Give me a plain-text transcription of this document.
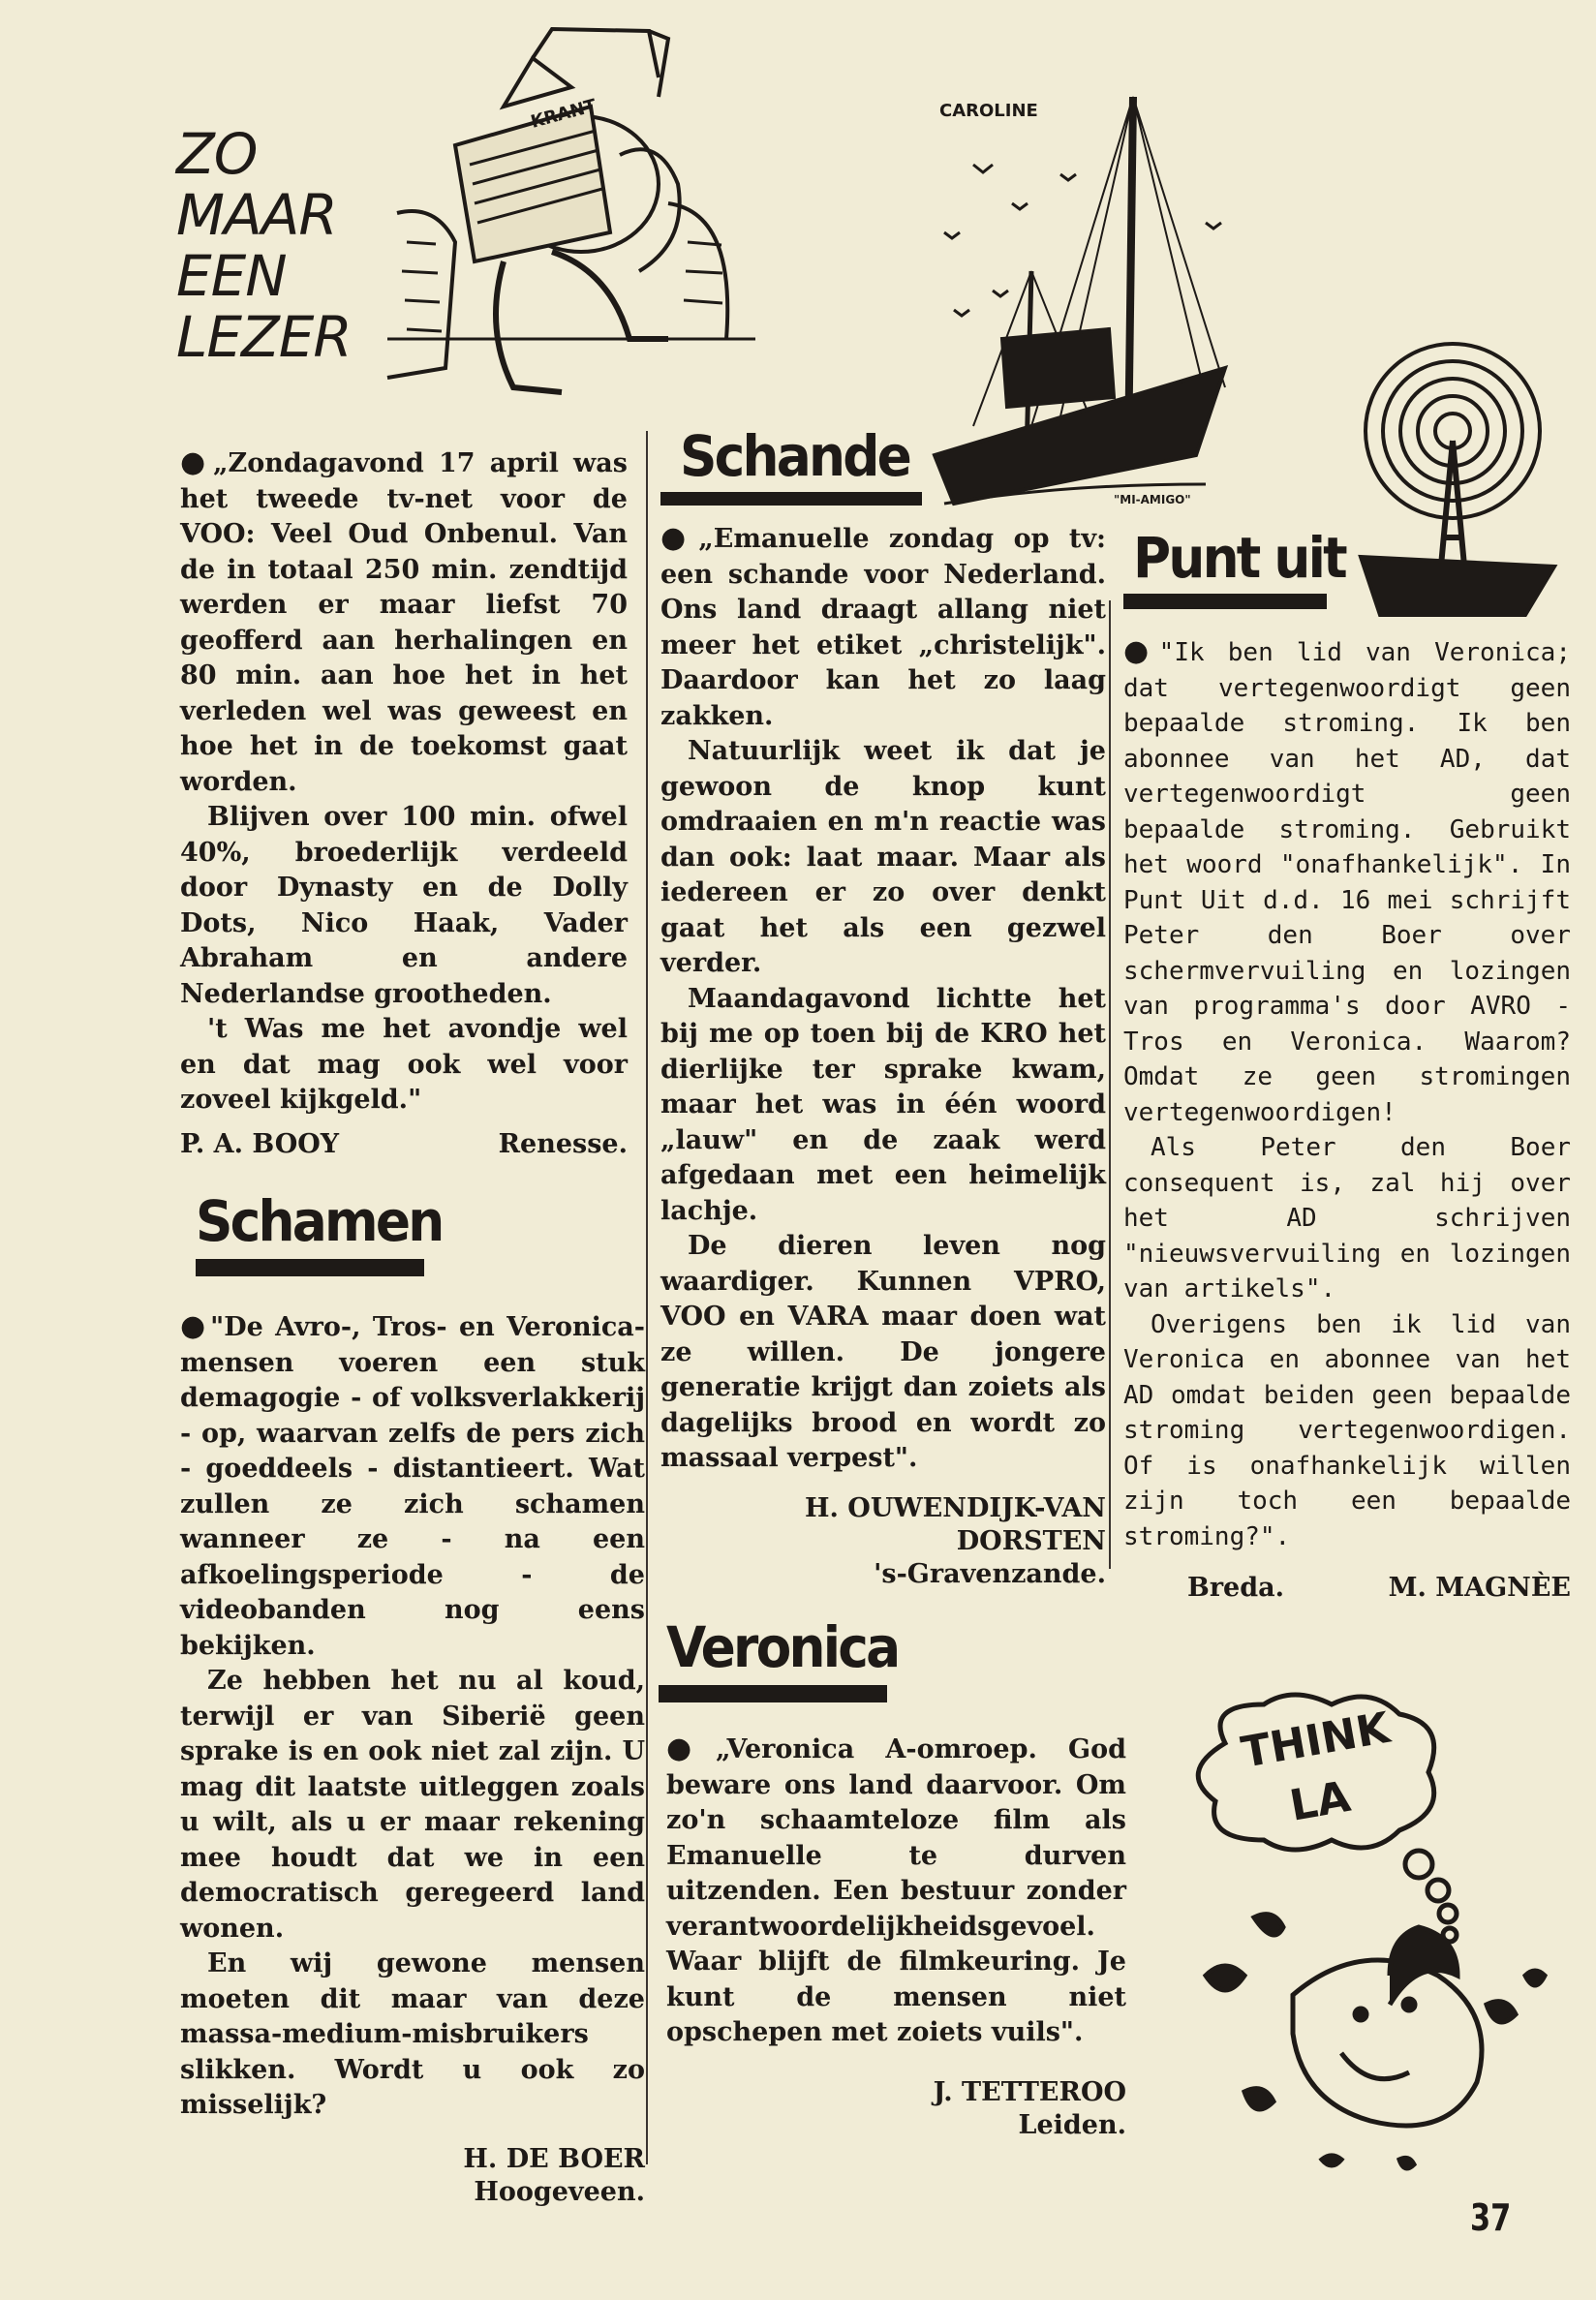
ZO
MAAR
EEN
LEZER
KRANT	CAROLINE
"MI-AMIGO"

●„Zondagavond 17 april was het tweede tv-net voor de VOO: Veel Oud Onbenul. Van de in totaal 250 min. zendtijd werden er maar liefst 70 geofferd aan herhalingen en 80 min. aan hoe het in het verleden wel was geweest en hoe het in de toekomst gaat worden.

Blijven over 100 min. ofwel 40%, broederlijk verdeeld door Dynasty en de Dolly Dots, Nico Haak, Vader Abraham en andere Nederlandse grootheden.

't Was me het avondje wel en dat mag ook wel voor zoveel kijkgeld."

P. A. BOOY	Renesse.
Schamen

●"De Avro-, Tros- en Veronica-mensen voeren een stuk demagogie - of volksverlakkerij - op, waarvan zelfs de pers zich - goeddeels - distantieert. Wat zullen ze zich schamen wanneer ze - na een afkoelingsperiode - de videobanden nog eens bekijken.

Ze hebben het nu al koud, terwijl er van Siberië geen sprake is en ook niet zal zijn. U mag dit laatste uitleggen zoals u wilt, als u er maar rekening mee houdt dat we in een democratisch geregeerd land wonen.

En wij gewone mensen moeten dit maar van deze massa-medium-misbruikers slikken. Wordt u ook zo misselijk?

H. DE BOER
Hoogeveen.
Schande

●„Emanuelle zondag op tv: een schande voor Nederland. Ons land draagt allang niet meer het etiket „christelijk". Daardoor kan het zo laag zakken.

Natuurlijk weet ik dat je gewoon de knop kunt omdraaien en m'n reactie was dan ook: laat maar. Maar als iedereen er zo over denkt gaat het als een gezwel verder.

Maandagavond lichtte het bij me op toen bij de KRO het dierlijke ter sprake kwam, maar het was in één woord „lauw" en de zaak werd afgedaan met een heimelijk lachje.

De dieren leven nog waardiger. Kunnen VPRO, VOO en VARA maar doen wat ze willen. De jongere generatie krijgt dan zoiets als dagelijks brood en wordt zo massaal verpest".

H. OUWENDIJK-VAN DORSTEN
's-Gravenzande.
Veronica

●„Veronica A-omroep. God beware ons land daarvoor. Om zo'n schaamteloze film als Emanuelle te durven uitzenden. Een bestuur zonder verantwoordelijkheidsgevoel. Waar blijft de filmkeuring. Je kunt de mensen niet opschepen met zoiets vuils".

J. TETTEROO
Leiden.
Punt uit

●"Ik ben lid van Veronica; dat vertegenwoordigt geen bepaalde stroming. Ik ben abonnee van het AD, dat vertegenwoordigt geen bepaalde stroming. Gebruikt het woord "onafhankelijk". In Punt Uit d.d. 16 mei schrijft Peter den Boer over schermvervuiling en lozingen van programma's door AVRO - Tros en Veronica. Waarom? Omdat ze geen stromingen vertegenwoordigen!

Als Peter den Boer consequent is, zal hij over het AD schrijven "nieuwsvervuiling en lozingen van artikels".

Overigens ben ik lid van Veronica en abonnee van het AD omdat beiden geen bepaalde stroming vertegenwoordigen. Of is onafhankelijk willen zijn toch een bepaalde stroming?".

Breda.	M. MAGNÈE
THINK
LA
37
